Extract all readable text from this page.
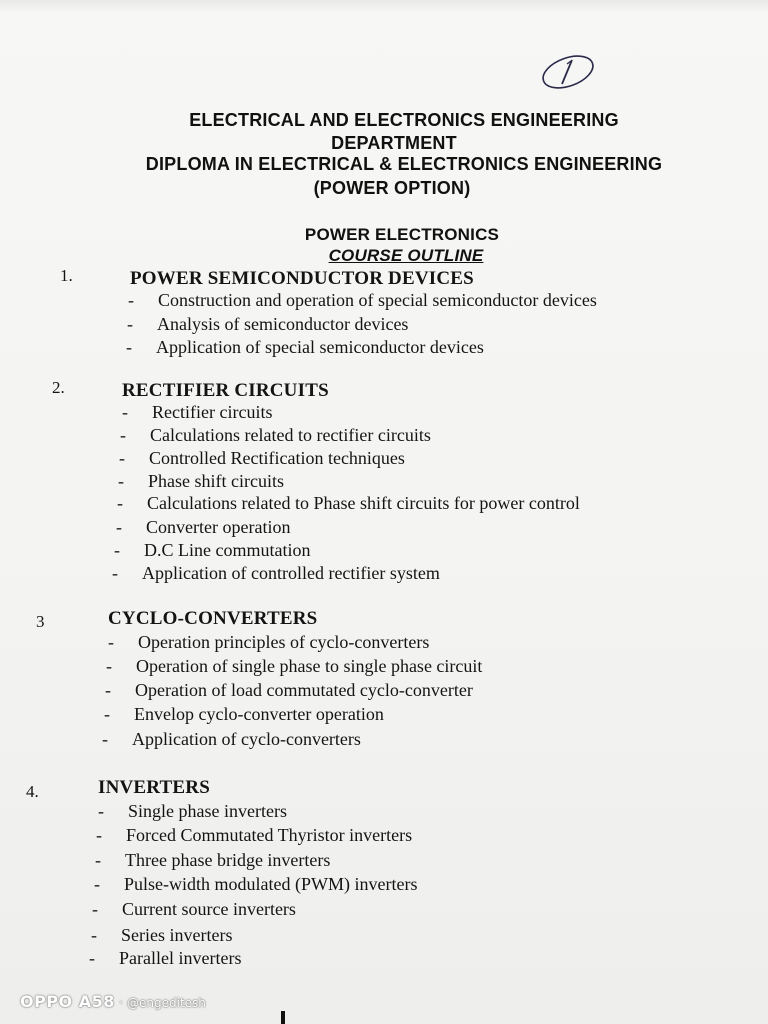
ELECTRICAL AND ELECTRONICS ENGINEERING
DEPARTMENT
DIPLOMA IN ELECTRICAL & ELECTRONICS ENGINEERING
(POWER OPTION)
POWER ELECTRONICS
COURSE OUTLINE
1.	POWER SEMICONDUCTOR DEVICES
- Construction and operation of special semiconductor devices
- Analysis of semiconductor devices
- Application of special semiconductor devices
2.	RECTIFIER CIRCUITS
- Rectifier circuits
- Calculations related to rectifier circuits
- Controlled Rectification techniques
- Phase shift circuits
- Calculations related to Phase shift circuits for power control
- Converter operation
- D.C Line commutation
- Application of controlled rectifier system
3	CYCLO-CONVERTERS
- Operation principles of cyclo-converters
- Operation of single phase to single phase circuit
- Operation of load commutated cyclo-converter
- Envelop cyclo-converter operation
- Application of cyclo-converters
4.	INVERTERS
- Single phase inverters
- Forced Commutated Thyristor inverters
- Three phase bridge inverters
- Pulse-width modulated (PWM) inverters
- Current source inverters
- Series inverters
- Parallel inverters
OPPO A58 · @engeditesh
